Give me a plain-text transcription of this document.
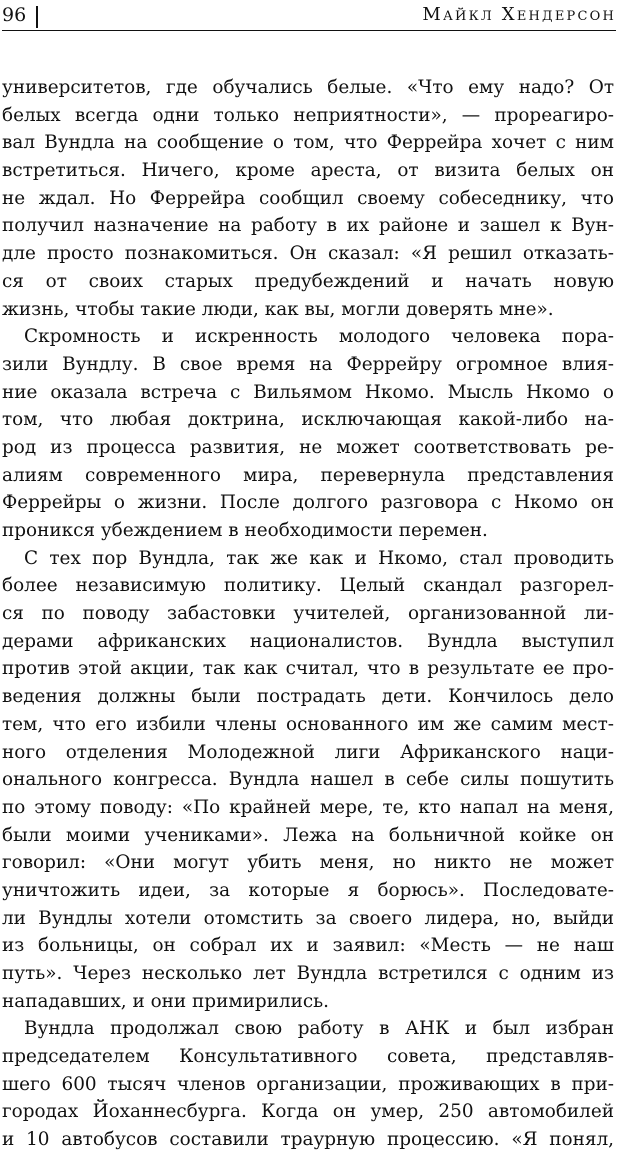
96	Майкл Хендерсон
университетов, где обучались белые. «Что ему надо? От
белых всегда одни только неприятности», — прореагиро-
вал Вундла на сообщение о том, что Феррейра хочет с ним
встретиться. Ничего, кроме ареста, от визита белых он
не ждал. Но Феррейра сообщил своему собеседнику, что
получил назначение на работу в их районе и зашел к Вун-
дле просто познакомиться. Он сказал: «Я решил отказать-
ся от своих старых предубеждений и начать новую
жизнь, чтобы такие люди, как вы, могли доверять мне».
Скромность и искренность молодого человека пора-
зили Вундлу. В свое время на Феррейру огромное влия-
ние оказала встреча с Вильямом Нкомо. Мысль Нкомо о
том, что любая доктрина, исключающая какой-либо на-
род из процесса развития, не может соответствовать ре-
алиям современного мира, перевернула представления
Феррейры о жизни. После долгого разговора с Нкомо он
проникся убеждением в необходимости перемен.
С тех пор Вундла, так же как и Нкомо, стал проводить
более независимую политику. Целый скандал разгорел-
ся по поводу забастовки учителей, организованной ли-
дерами африканских националистов. Вундла выступил
против этой акции, так как считал, что в результате ее про-
ведения должны были пострадать дети. Кончилось дело
тем, что его избили члены основанного им же самим мест-
ного отделения Молодежной лиги Африканского наци-
онального конгресса. Вундла нашел в себе силы пошутить
по этому поводу: «По крайней мере, те, кто напал на меня,
были моими учениками». Лежа на больничной койке он
говорил: «Они могут убить меня, но никто не может
уничтожить идеи, за которые я борюсь». Последовате-
ли Вундлы хотели отомстить за своего лидера, но, выйди
из больницы, он собрал их и заявил: «Месть — не наш
путь». Через несколько лет Вундла встретился с одним из
нападавших, и они примирились.
Вундла продолжал свою работу в АНК и был избран
председателем Консультативного совета, представляв-
шего 600 тысяч членов организации, проживающих в при-
городах Йоханнесбурга. Когда он умер, 250 автомобилей
и 10 автобусов составили траурную процессию. «Я понял,
